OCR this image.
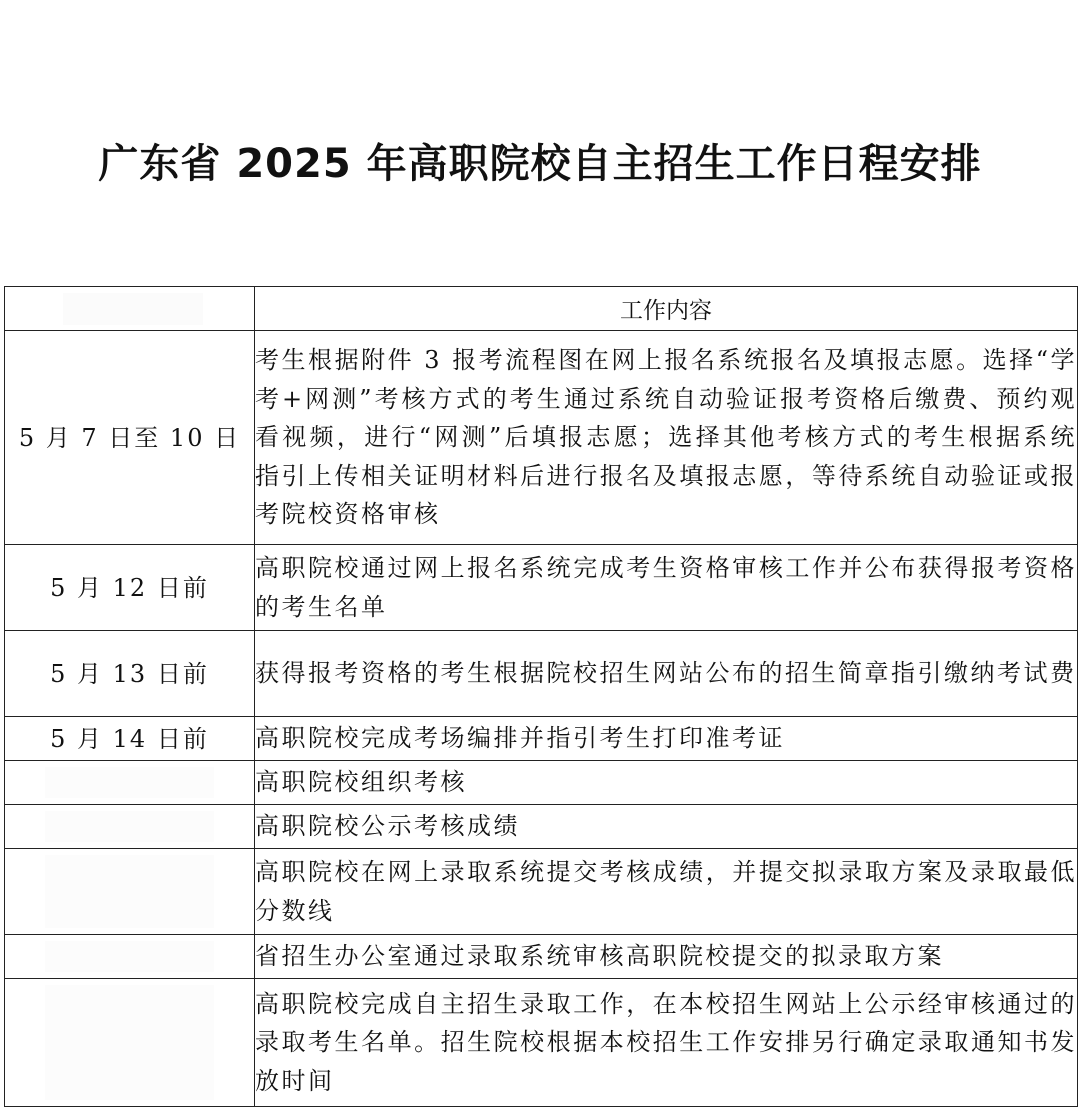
广东省 2025 年高职院校自主招生工作日程安排
	工作内容
5 月 7 日至 10 日	考生根据附件 3 报考流程图在网上报名系统报名及填报志愿。选择“学考+网测”考核方式的考生通过系统自动验证报考资格后缴费、预约观看视频，进行“网测”后填报志愿；选择其他考核方式的考生根据系统指引上传相关证明材料后进行报名及填报志愿，等待系统自动验证或报考院校资格审核
5 月 12 日前	高职院校通过网上报名系统完成考生资格审核工作并公布获得报考资格的考生名单
5 月 13 日前	获得报考资格的考生根据院校招生网站公布的招生简章指引缴纳考试费
5 月 14 日前	高职院校完成考场编排并指引考生打印准考证

	高职院校组织考核

	高职院校公示考核成绩

	高职院校在网上录取系统提交考核成绩，并提交拟录取方案及录取最低分数线

	省招生办公室通过录取系统审核高职院校提交的拟录取方案

	高职院校完成自主招生录取工作，在本校招生网站上公示经审核通过的录取考生名单。招生院校根据本校招生工作安排另行确定录取通知书发放时间
